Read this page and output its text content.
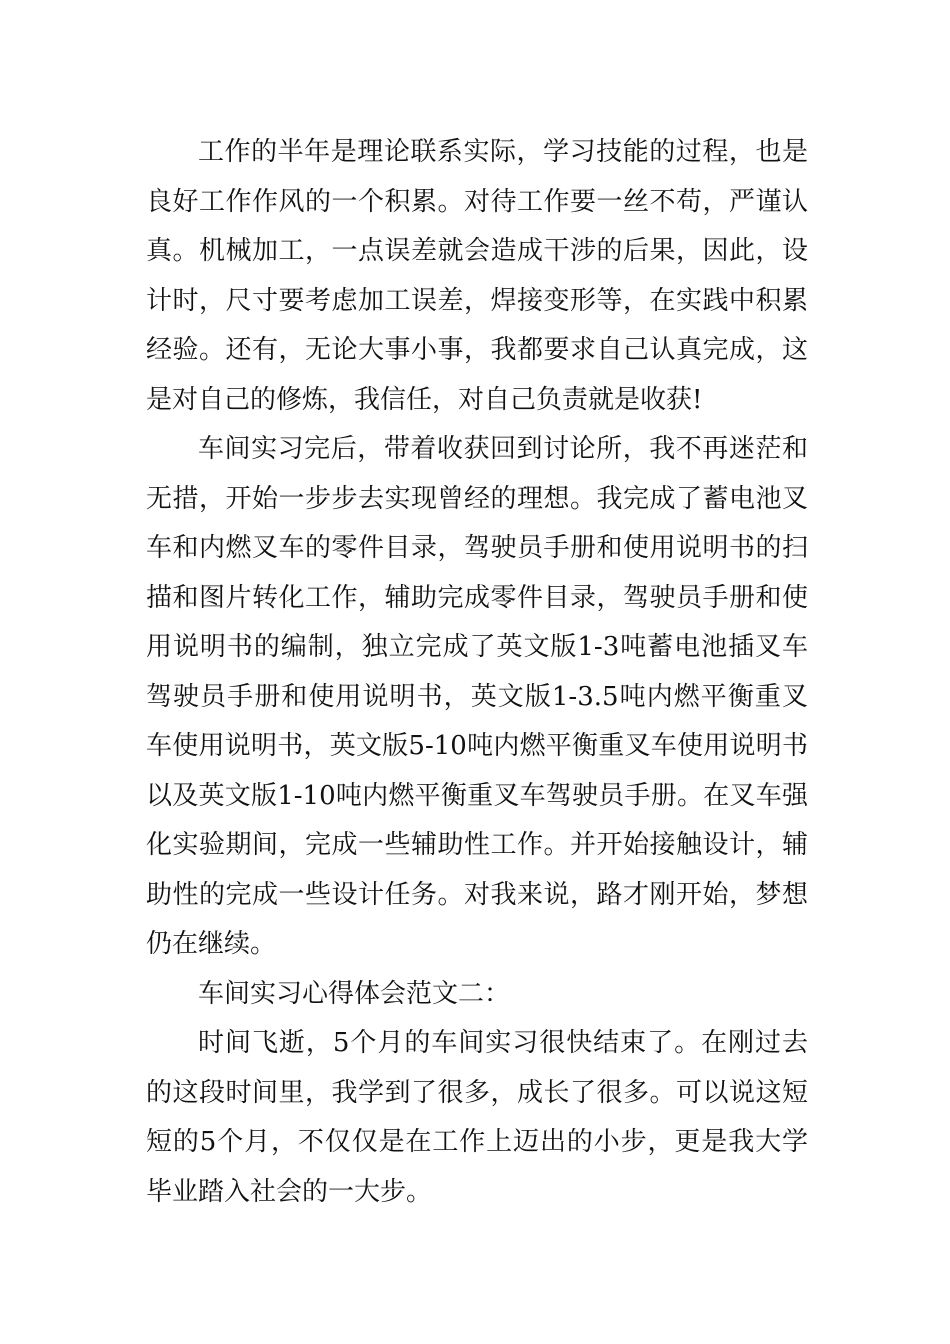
工作的半年是理论联系实际，学习技能的过程，也是良好工作作风的一个积累。对待工作要一丝不苟，严谨认真。机械加工，一点误差就会造成干涉的后果，因此，设计时，尺寸要考虑加工误差，焊接变形等，在实践中积累经验。还有，无论大事小事，我都要求自己认真完成，这是对自己的修炼，我信任，对自己负责就是收获!

车间实习完后，带着收获回到讨论所，我不再迷茫和无措，开始一步步去实现曾经的理想。我完成了蓄电池叉车和内燃叉车的零件目录，驾驶员手册和使用说明书的扫描和图片转化工作，辅助完成零件目录，驾驶员手册和使用说明书的编制，独立完成了英文版1-3吨蓄电池插叉车驾驶员手册和使用说明书，英文版1-3.5吨内燃平衡重叉车使用说明书，英文版5-10吨内燃平衡重叉车使用说明书以及英文版1-10吨内燃平衡重叉车驾驶员手册。在叉车强化实验期间，完成一些辅助性工作。并开始接触设计，辅助性的完成一些设计任务。对我来说，路才刚开始，梦想仍在继续。

车间实习心得体会范文二：

时间飞逝，5个月的车间实习很快结束了。在刚过去的这段时间里，我学到了很多，成长了很多。可以说这短短的5个月，不仅仅是在工作上迈出的小步，更是我大学毕业踏入社会的一大步。
